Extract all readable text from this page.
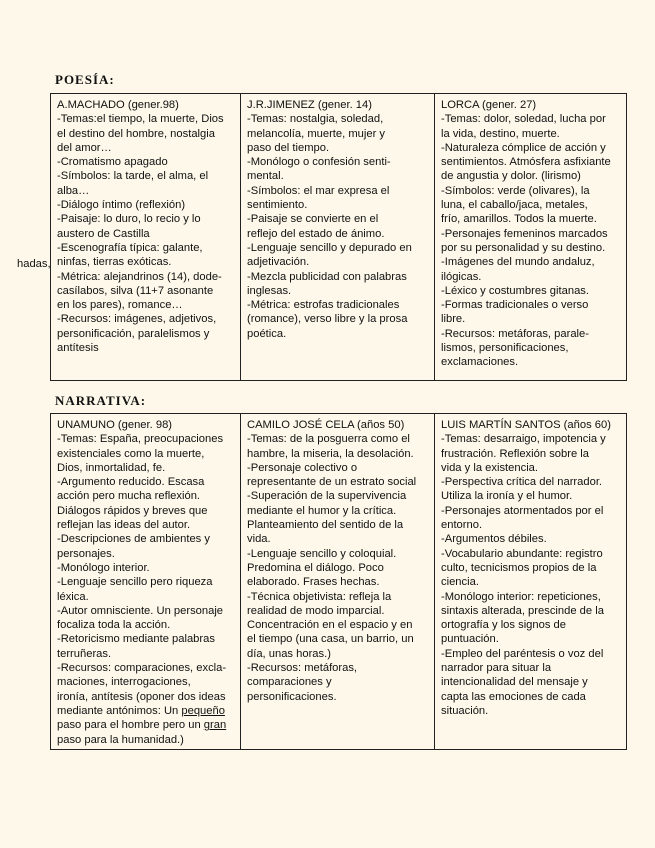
POESÍA:
A.MACHADO (gener.98)
-Temas:el tiempo, la muerte, Dios
el destino del hombre, nostalgia
del amor…
-Cromatismo apagado
-Símbolos: la tarde, el alma, el
alba…
-Diálogo íntimo (reflexión)
-Paisaje: lo duro, lo recio y lo
austero de Castilla
-Escenografía típica: galante,
ninfas, tierras exóticas.
-Métrica: alejandrinos (14), dode-
casílabos, silva (11+7 asonante
en los pares), romance…
-Recursos: imágenes, adjetivos,
personificación, paralelismos y
antítesis

J.R.JIMENEZ (gener. 14)
-Temas: nostalgia, soledad,
melancolía, muerte, mujer y
paso del tiempo.
-Monólogo o confesión senti-
mental.
-Símbolos: el mar expresa el
sentimiento.
-Paisaje se convierte en el
reflejo del estado de ánimo.
-Lenguaje sencillo y depurado en
adjetivación.
-Mezcla publicidad con palabras
inglesas.
-Métrica: estrofas tradicionales
(romance), verso libre y la prosa
poética.

LORCA (gener. 27)
-Temas: dolor, soledad, lucha por
la vida, destino, muerte.
-Naturaleza cómplice de acción y
sentimientos. Atmósfera asfixiante
de angustia y dolor. (lirismo)
-Símbolos: verde (olivares), la
luna, el caballo/jaca, metales,
frío, amarillos. Todos la muerte.
-Personajes femeninos marcados
por su personalidad y su destino.
-Imágenes del mundo andaluz,
ilógicas.
-Léxico y costumbres gitanas.
-Formas tradicionales o verso
libre.
-Recursos: metáforas, parale-
lismos, personificaciones,
exclamaciones.
hadas,
NARRATIVA:
UNAMUNO (gener. 98)
-Temas: España, preocupaciones
existenciales como la muerte,
Dios, inmortalidad, fe.
-Argumento reducido. Escasa
acción pero mucha reflexión.
Diálogos rápidos y breves que
reflejan las ideas del autor.
-Descripciones de ambientes y
personajes.
-Monólogo interior.
-Lenguaje sencillo pero riqueza
léxica.
-Autor omnisciente. Un personaje
focaliza toda la acción.
-Retoricismo mediante palabras
terruñeras.
-Recursos: comparaciones, excla-
maciones, interrogaciones,
ironía, antítesis (oponer dos ideas
mediante antónimos: Un pequeño
paso para el hombre pero un gran
paso para la humanidad.)

CAMILO JOSÉ CELA (años 50)
-Temas: de la posguerra como el
hambre, la miseria, la desolación.
-Personaje colectivo o
representante de un estrato social
-Superación de la supervivencia
mediante el humor y la crítica.
Planteamiento del sentido de la
vida.
-Lenguaje sencillo y coloquial.
Predomina el diálogo. Poco
elaborado. Frases hechas.
-Técnica objetivista: refleja la
realidad de modo imparcial.
Concentración en el espacio y en
el tiempo (una casa, un barrio, un
día, unas horas.)
-Recursos: metáforas,
comparaciones y
personificaciones.

LUIS MARTÍN SANTOS (años 60)
-Temas: desarraigo, impotencia y
frustración. Reflexión sobre la
vida y la existencia.
-Perspectiva crítica del narrador.
Utiliza la ironía y el humor.
-Personajes atormentados por el
entorno.
-Argumentos débiles.
-Vocabulario abundante: registro
culto, tecnicismos propios de la
ciencia.
-Monólogo interior: repeticiones,
sintaxis alterada, prescinde de la
ortografía y los signos de
puntuación.
-Empleo del paréntesis o voz del
narrador para situar la
intencionalidad del mensaje y
capta las emociones de cada
situación.
